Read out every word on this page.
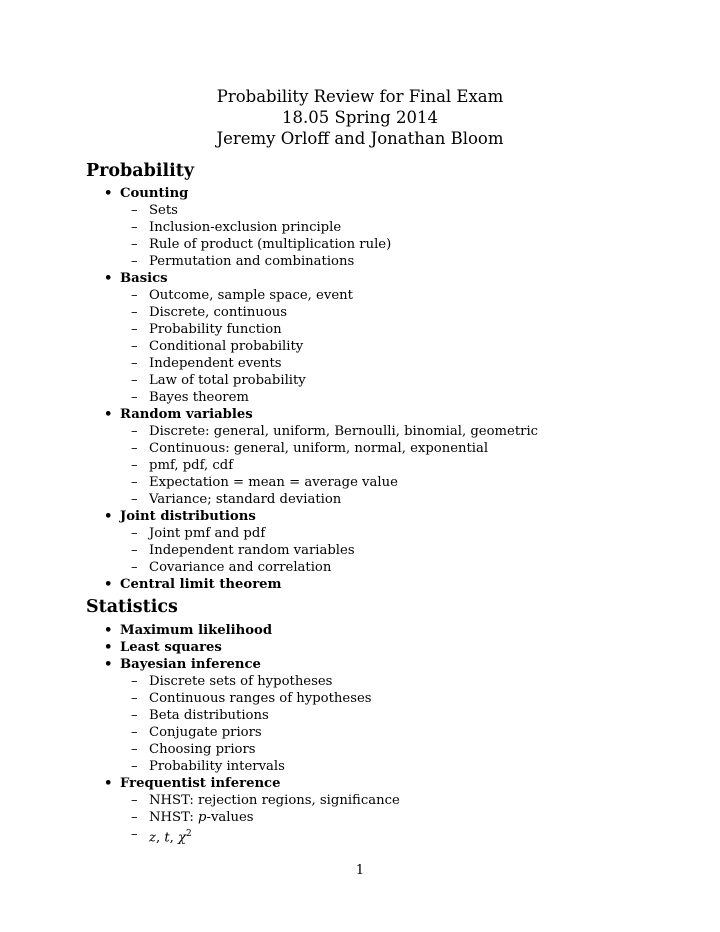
Probability Review for Final Exam
18.05 Spring 2014
Jeremy Orloff and Jonathan Bloom
Probability
• Counting
– Sets
– Inclusion-exclusion principle
– Rule of product (multiplication rule)
– Permutation and combinations
• Basics
– Outcome, sample space, event
– Discrete, continuous
– Probability function
– Conditional probability
– Independent events
– Law of total probability
– Bayes theorem
• Random variables
– Discrete: general, uniform, Bernoulli, binomial, geometric
– Continuous: general, uniform, normal, exponential
– pmf, pdf, cdf
– Expectation = mean = average value
– Variance; standard deviation
• Joint distributions
– Joint pmf and pdf
– Independent random variables
– Covariance and correlation
• Central limit theorem
Statistics
• Maximum likelihood
• Least squares
• Bayesian inference
– Discrete sets of hypotheses
– Continuous ranges of hypotheses
– Beta distributions
– Conjugate priors
– Choosing priors
– Probability intervals
• Frequentist inference
– NHST: rejection regions, significance
– NHST: p-values
– z, t, $\chi^2$
1
